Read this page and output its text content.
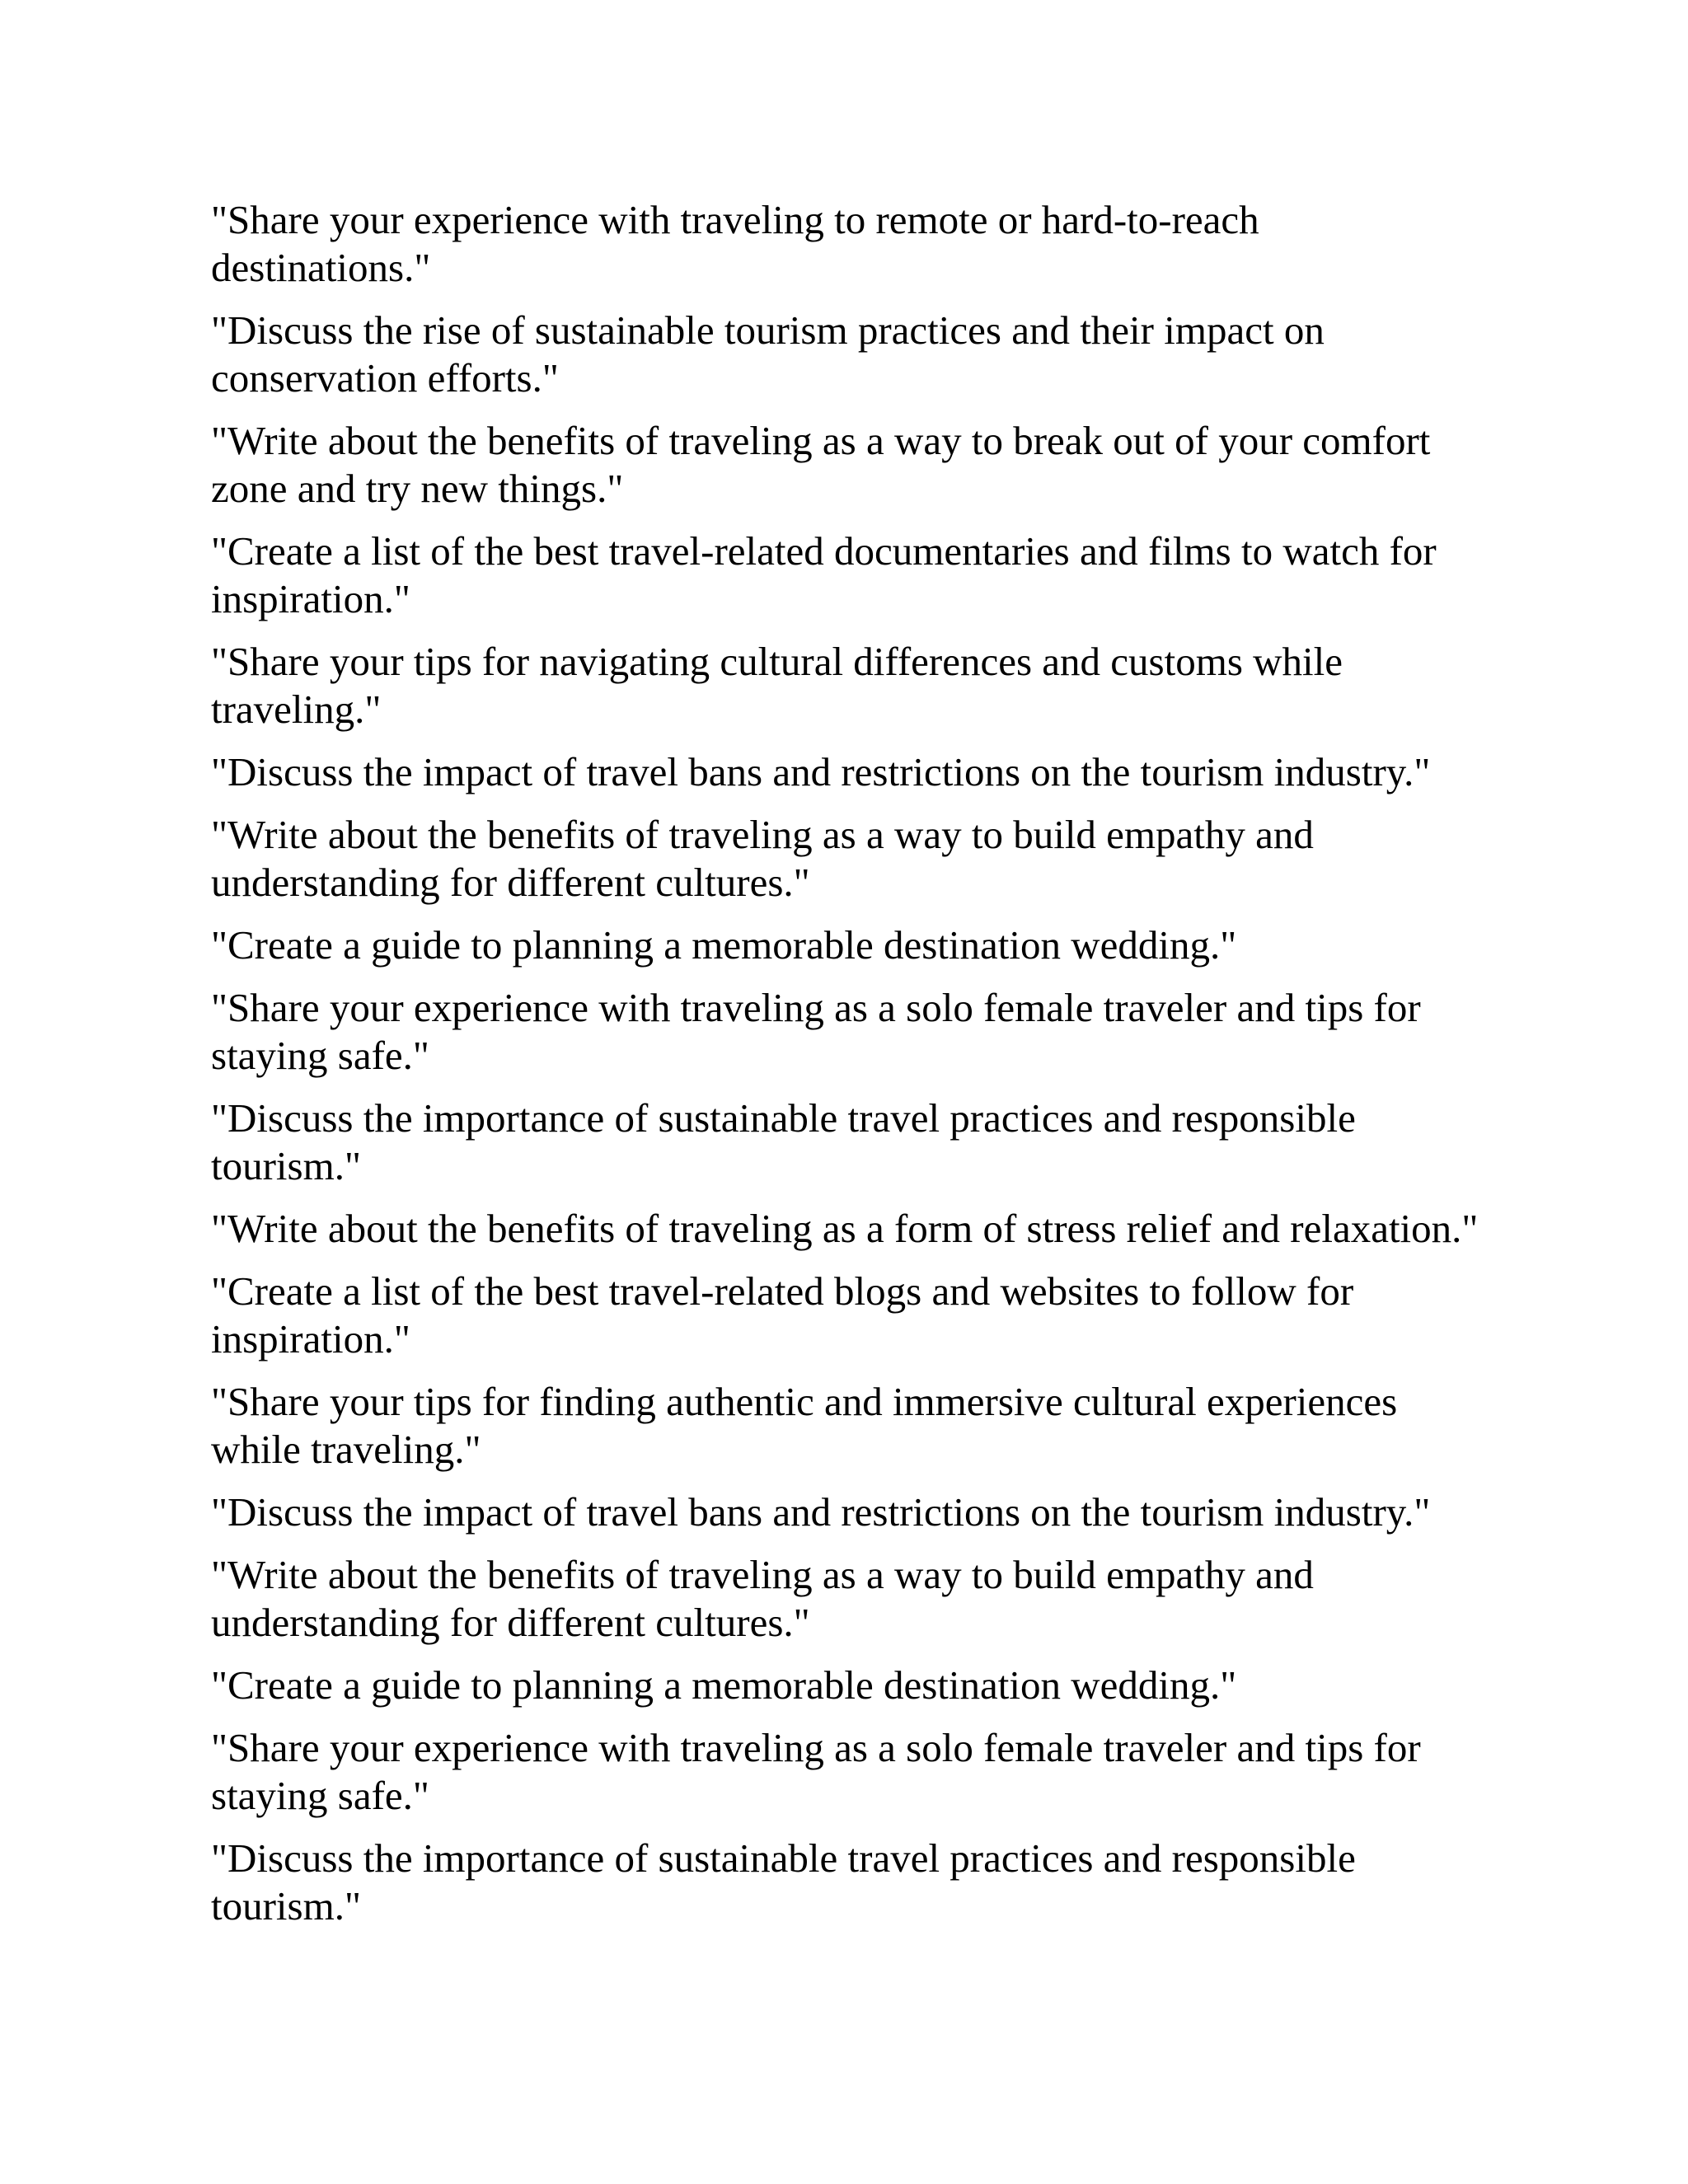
"Share your experience with traveling to remote or hard-to-reach destinations."
"Discuss the rise of sustainable tourism practices and their impact on conservation efforts."
"Write about the benefits of traveling as a way to break out of your comfort zone and try new things."
"Create a list of the best travel-related documentaries and films to watch for inspiration."
"Share your tips for navigating cultural differences and customs while traveling."
"Discuss the impact of travel bans and restrictions on the tourism industry."
"Write about the benefits of traveling as a way to build empathy and understanding for different cultures."
"Create a guide to planning a memorable destination wedding."
"Share your experience with traveling as a solo female traveler and tips for staying safe."
"Discuss the importance of sustainable travel practices and responsible tourism."
"Write about the benefits of traveling as a form of stress relief and relaxation."
"Create a list of the best travel-related blogs and websites to follow for inspiration."
"Share your tips for finding authentic and immersive cultural experiences while traveling."
"Discuss the impact of travel bans and restrictions on the tourism industry."
"Write about the benefits of traveling as a way to build empathy and understanding for different cultures."
"Create a guide to planning a memorable destination wedding."
"Share your experience with traveling as a solo female traveler and tips for staying safe."
"Discuss the importance of sustainable travel practices and responsible tourism."
